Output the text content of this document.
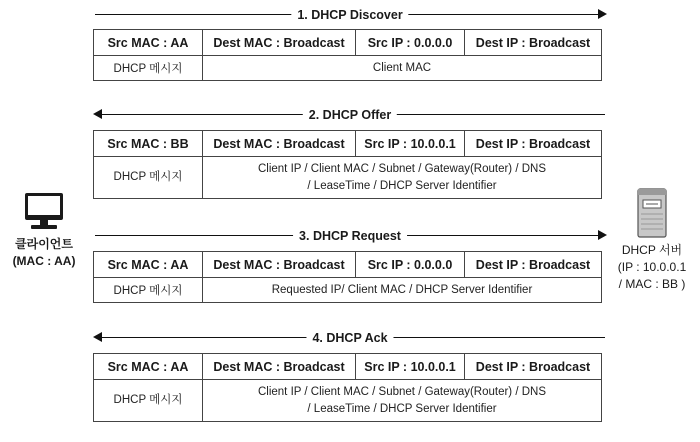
클라이언트
(MAC : AA)
DHCP 서버
(IP : 10.0.0.1
/ MAC : BB )
1. DHCP Discover
Src MAC : AA	Dest MAC : Broadcast	Src IP : 0.0.0.0	Dest IP : Broadcast
DHCP 메시지	Client MAC		
2. DHCP Offer
Src MAC : BB	Dest MAC : Broadcast	Src IP : 10.0.0.1	Dest IP : Broadcast
DHCP 메시지	Client IP / Client MAC / Subnet / Gateway(Router) / DNS
/ LeaseTime / DHCP Server Identifier		
3. DHCP Request
Src MAC : AA	Dest MAC : Broadcast	Src IP : 0.0.0.0	Dest IP : Broadcast
DHCP 메시지	Requested IP/ Client MAC / DHCP Server Identifier		
4. DHCP Ack
Src MAC : AA	Dest MAC : Broadcast	Src IP : 10.0.0.1	Dest IP : Broadcast
DHCP 메시지	Client IP / Client MAC / Subnet / Gateway(Router) / DNS
/ LeaseTime / DHCP Server Identifier		
